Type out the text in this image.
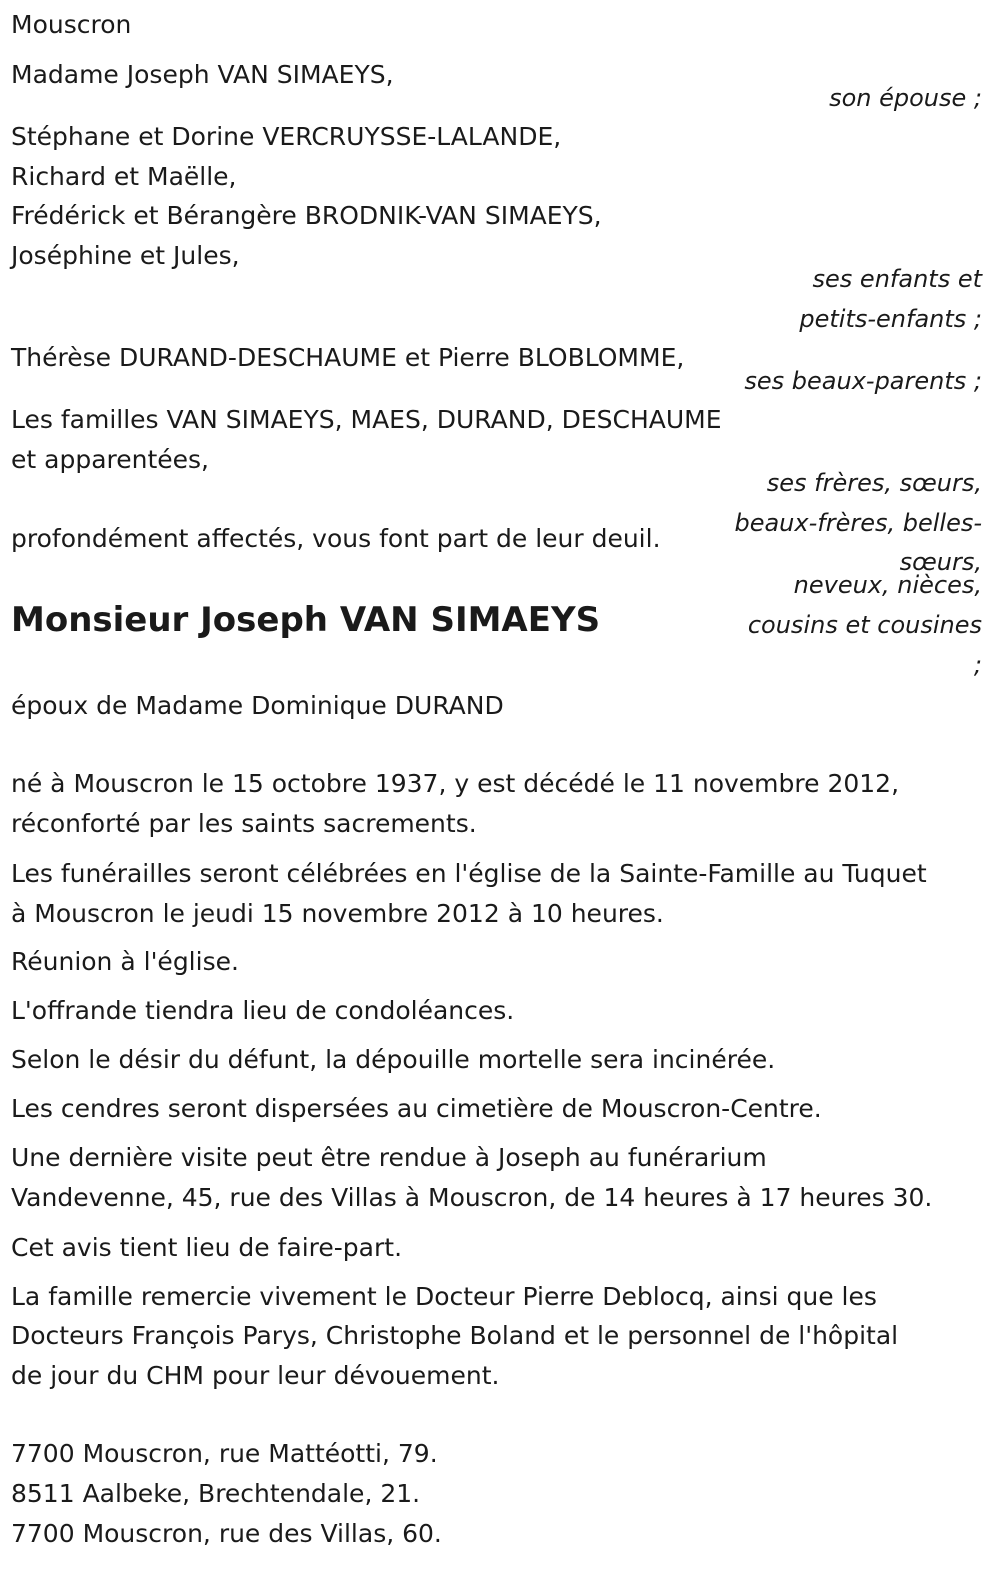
Mouscron

Madame Joseph VAN SIMAEYS,

son épouse ;

Stéphane et Dorine VERCRUYSSE-LALANDE,

Richard et Maëlle,

Frédérick et Bérangère BRODNIK-VAN SIMAEYS,

Joséphine et Jules,

ses enfants et

petits-enfants ;

Thérèse DURAND-DESCHAUME et Pierre BLOBLOMME,

ses beaux-parents ;

Les familles VAN SIMAEYS, MAES, DURAND, DESCHAUME

et apparentées,

ses frères, sœurs,

beaux-frères, belles-

sœurs,

neveux, nièces,

cousins et cousines

;

profondément affectés, vous font part de leur deuil.

Monsieur Joseph VAN SIMAEYS

époux de Madame Dominique DURAND

né à Mouscron le 15 octobre 1937, y est décédé le 11 novembre 2012,

réconforté par les saints sacrements.

Les funérailles seront célébrées en l'église de la Sainte-Famille au Tuquet

à Mouscron le jeudi 15 novembre 2012 à 10 heures.

Réunion à l'église.

L'offrande tiendra lieu de condoléances.

Selon le désir du défunt, la dépouille mortelle sera incinérée.

Les cendres seront dispersées au cimetière de Mouscron-Centre.

Une dernière visite peut être rendue à Joseph au funérarium

Vandevenne, 45, rue des Villas à Mouscron, de 14 heures à 17 heures 30.

Cet avis tient lieu de faire-part.

La famille remercie vivement le Docteur Pierre Deblocq, ainsi que les

Docteurs François Parys, Christophe Boland et le personnel de l'hôpital

de jour du CHM pour leur dévouement.

7700 Mouscron, rue Mattéotti, 79.

8511 Aalbeke, Brechtendale, 21.

7700 Mouscron, rue des Villas, 60.
